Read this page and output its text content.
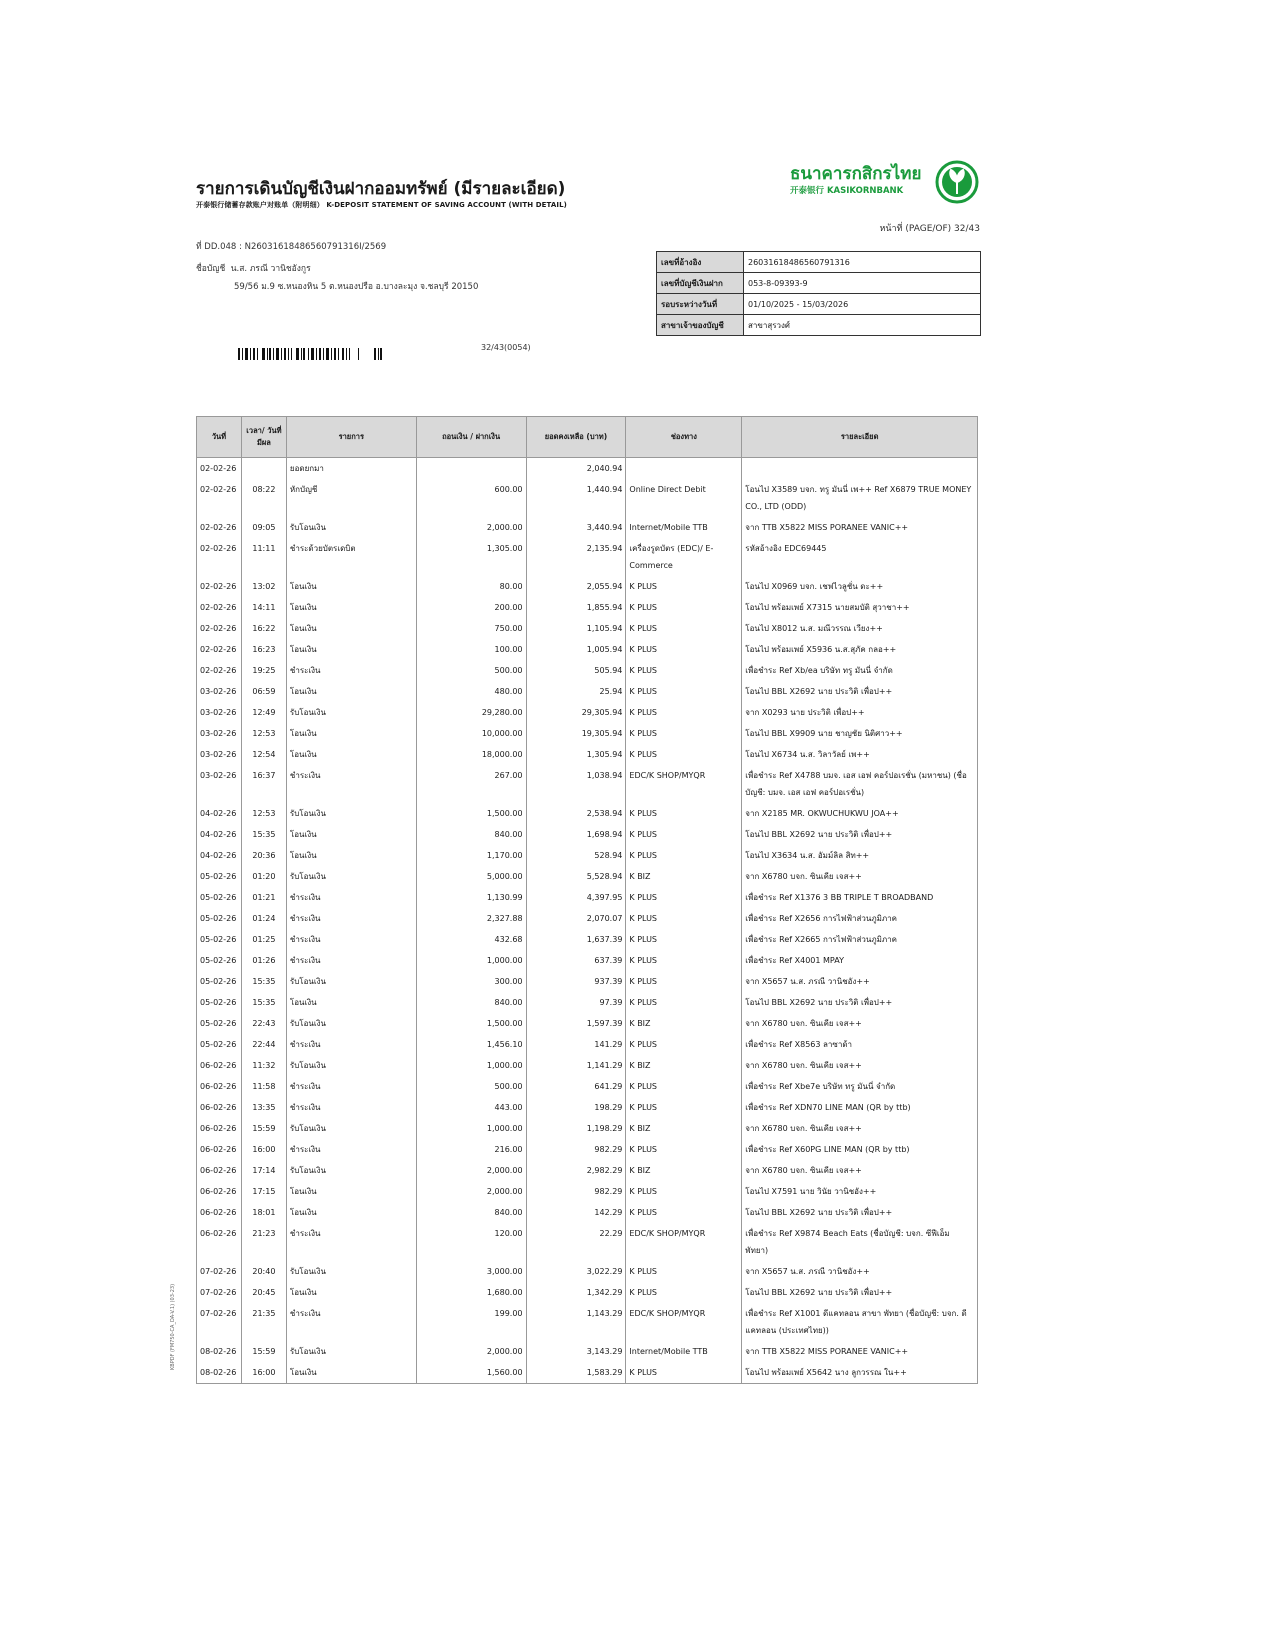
รายการเดินบัญชีเงินฝากออมทรัพย์ (มีรายละเอียด)
开泰银行储蓄存款账户对账单（附明细） K-DEPOSIT STATEMENT OF SAVING ACCOUNT (WITH DETAIL)
ธนาคารกสิกรไทย
开泰银行 KASIKORNBANK
หน้าที่ (PAGE/OF) 32/43
ที่ DD.048 : N2603161848656079131​6I/2569
ชื่อบัญชี น.ส. ภรณี วานิชอังกูร
59/56 ม.9 ซ.หนองหิน 5 ต.หนองปรือ อ.บางละมุง จ.ชลบุรี 20150
เลขที่อ้างอิง	26031618486560791316
เลขที่บัญชีเงินฝาก	053-8-09393-9
รอบระหว่างวันที่	01/10/2025 - 15/03/2026
สาขาเจ้าของบัญชี	สาขาสุรวงศ์
32/43(0054)
KBPDF (FM750-CA_DA-V.1) (03-23)
วันที่	เวลา/ วันที่มีผล	รายการ	ถอนเงิน / ฝากเงิน	ยอดคงเหลือ (บาท)	ช่องทาง	รายละเอียด
02-02-26		ยอดยกมา		2,040.94		
02-02-26	08:22	หักบัญชี	600.00	1,440.94	Online Direct Debit	โอนไป X3589 บจก. ทรู มันนี่ เพ++ Ref X6879 TRUE MONEY CO., LTD (ODD)
02-02-26	09:05	รับโอนเงิน	2,000.00	3,440.94	Internet/Mobile TTB	จาก TTB X5822 MISS PORANEE VANIC++
02-02-26	11:11	ชำระด้วยบัตรเดบิต	1,305.00	2,135.94	เครื่องรูดบัตร (EDC)/ E-Commerce	รหัสอ้างอิง EDC69445
02-02-26	13:02	โอนเงิน	80.00	2,055.94	K PLUS	โอนไป X0969 บจก. เชฟไวลูชั่น ดะ++
02-02-26	14:11	โอนเงิน	200.00	1,855.94	K PLUS	โอนไป พร้อมเพย์ X7315 นายสมบัติ สุวาชา++
02-02-26	16:22	โอนเงิน	750.00	1,105.94	K PLUS	โอนไป X8012 น.ส. มณีวรรณ เวียง++
02-02-26	16:23	โอนเงิน	100.00	1,005.94	K PLUS	โอนไป พร้อมเพย์ X5936 น.ส.สุภัค กลอ++
02-02-26	19:25	ชำระเงิน	500.00	505.94	K PLUS	เพื่อชำระ Ref Xb/ea บริษัท ทรู มันนี่ จำกัด
03-02-26	06:59	โอนเงิน	480.00	25.94	K PLUS	โอนไป BBL X2692 นาย ประวิติ เพื่อป++
03-02-26	12:49	รับโอนเงิน	29,280.00	29,305.94	K PLUS	จาก X0293 นาย ประวิติ เพื่อป++
03-02-26	12:53	โอนเงิน	10,000.00	19,305.94	K PLUS	โอนไป BBL X9909 นาย ชาญชัย นิติศาว++
03-02-26	12:54	โอนเงิน	18,000.00	1,305.94	K PLUS	โอนไป X6734 น.ส. วิลาวัลย์ เพ++
03-02-26	16:37	ชำระเงิน	267.00	1,038.94	EDC/K SHOP/MYQR	เพื่อชำระ Ref X4788 บมจ. เอส เอฟ คอร์ปอเรชั่น (มหาชน) (ชื่อบัญชี: บมจ. เอส เอฟ คอร์ปอเรชั่น)
04-02-26	12:53	รับโอนเงิน	1,500.00	2,538.94	K PLUS	จาก X2185 MR. OKWUCHUKWU JOA++
04-02-26	15:35	โอนเงิน	840.00	1,698.94	K PLUS	โอนไป BBL X2692 นาย ประวิติ เพื่อป++
04-02-26	20:36	โอนเงิน	1,170.00	528.94	K PLUS	โอนไป X3634 น.ส. อัมม์ลิล สิท++
05-02-26	01:20	รับโอนเงิน	5,000.00	5,528.94	K BIZ	จาก X6780 บจก. ซินเคีย เจส++
05-02-26	01:21	ชำระเงิน	1,130.99	4,397.95	K PLUS	เพื่อชำระ Ref X1376 3 BB TRIPLE T BROADBAND
05-02-26	01:24	ชำระเงิน	2,327.88	2,070.07	K PLUS	เพื่อชำระ Ref X2656 การไฟฟ้าส่วนภูมิภาค
05-02-26	01:25	ชำระเงิน	432.68	1,637.39	K PLUS	เพื่อชำระ Ref X2665 การไฟฟ้าส่วนภูมิภาค
05-02-26	01:26	ชำระเงิน	1,000.00	637.39	K PLUS	เพื่อชำระ Ref X4001 MPAY
05-02-26	15:35	รับโอนเงิน	300.00	937.39	K PLUS	จาก X5657 น.ส. ภรณี วานิชอัง++
05-02-26	15:35	โอนเงิน	840.00	97.39	K PLUS	โอนไป BBL X2692 นาย ประวิติ เพื่อป++
05-02-26	22:43	รับโอนเงิน	1,500.00	1,597.39	K BIZ	จาก X6780 บจก. ซินเคีย เจส++
05-02-26	22:44	ชำระเงิน	1,456.10	141.29	K PLUS	เพื่อชำระ Ref X8563 ลาซาด้า
06-02-26	11:32	รับโอนเงิน	1,000.00	1,141.29	K BIZ	จาก X6780 บจก. ซินเคีย เจส++
06-02-26	11:58	ชำระเงิน	500.00	641.29	K PLUS	เพื่อชำระ Ref Xbe7e บริษัท ทรู มันนี่ จำกัด
06-02-26	13:35	ชำระเงิน	443.00	198.29	K PLUS	เพื่อชำระ Ref XDN70 LINE MAN (QR by ttb)
06-02-26	15:59	รับโอนเงิน	1,000.00	1,198.29	K BIZ	จาก X6780 บจก. ซินเคีย เจส++
06-02-26	16:00	ชำระเงิน	216.00	982.29	K PLUS	เพื่อชำระ Ref X60PG LINE MAN (QR by ttb)
06-02-26	17:14	รับโอนเงิน	2,000.00	2,982.29	K BIZ	จาก X6780 บจก. ซินเคีย เจส++
06-02-26	17:15	โอนเงิน	2,000.00	982.29	K PLUS	โอนไป X7591 นาย วินัย วานิชอัง++
06-02-26	18:01	โอนเงิน	840.00	142.29	K PLUS	โอนไป BBL X2692 นาย ประวิติ เพื่อป++
06-02-26	21:23	ชำระเงิน	120.00	22.29	EDC/K SHOP/MYQR	เพื่อชำระ Ref X9874 Beach Eats (ชื่อบัญชี: บจก. ซีฟีเอ็ม พัทยา)
07-02-26	20:40	รับโอนเงิน	3,000.00	3,022.29	K PLUS	จาก X5657 น.ส. ภรณี วานิชอัง++
07-02-26	20:45	โอนเงิน	1,680.00	1,342.29	K PLUS	โอนไป BBL X2692 นาย ประวิติ เพื่อป++
07-02-26	21:35	ชำระเงิน	199.00	1,143.29	EDC/K SHOP/MYQR	เพื่อชำระ Ref X1001 ดีแคทลอน สาขา พัทยา (ชื่อบัญชี: บจก. ดีแคทลอน (ประเทศไทย))
08-02-26	15:59	รับโอนเงิน	2,000.00	3,143.29	Internet/Mobile TTB	จาก TTB X5822 MISS PORANEE VANIC++
08-02-26	16:00	โอนเงิน	1,560.00	1,583.29	K PLUS	โอนไป พร้อมเพย์ X5642 นาง ลูกวรรณ ใน++
